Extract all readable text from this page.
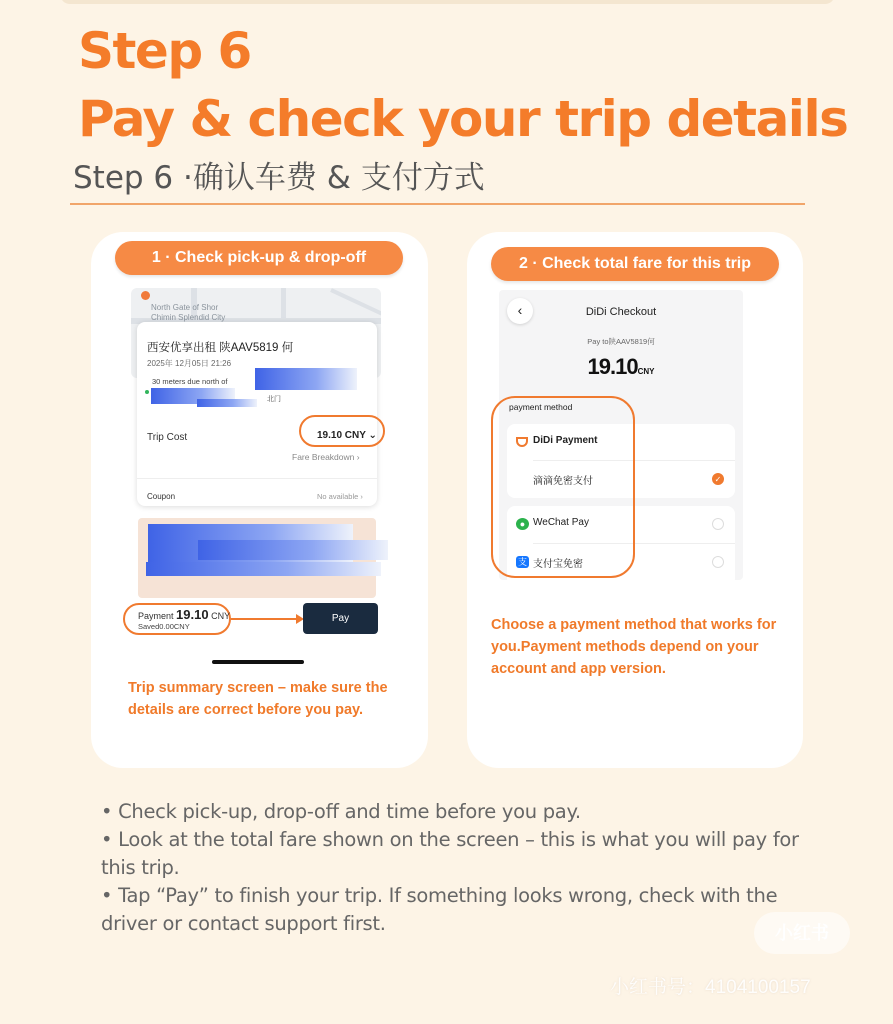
Step 6
Pay & check your trip details
Step 6 ·确认车费 & 支付方式
1 · Check pick-up & drop-off
North Gate of Shor
Chimin Splendid City
西安优享出租 陕AAV5819 何
2025年 12月05日 21:26
30 meters due north of
北门
Trip Cost	19.10 CNY ⌄
Fare Breakdown ›
Coupon	No available ›
Payment 19.10 CNY
Saved0.00CNY
Pay
Trip summary screen – make sure the details are correct before you pay.
2 · Check total fare for this trip
‹	DiDi Checkout
Pay to陕AAV5819何
19.10CNY
payment method
DiDi Payment
滴滴免密支付	✓
● WeChat Pay
支 支付宝免密
Choose a payment method that works for you.Payment methods depend on your account and app version.

• Check pick-up, drop-off and time before you pay.

• Look at the total fare shown on the screen – this is what you will pay for this trip.

• Tap “Pay” to finish your trip. If something looks wrong, check with the driver or contact support first.	小红书
小红书号：4104100157
